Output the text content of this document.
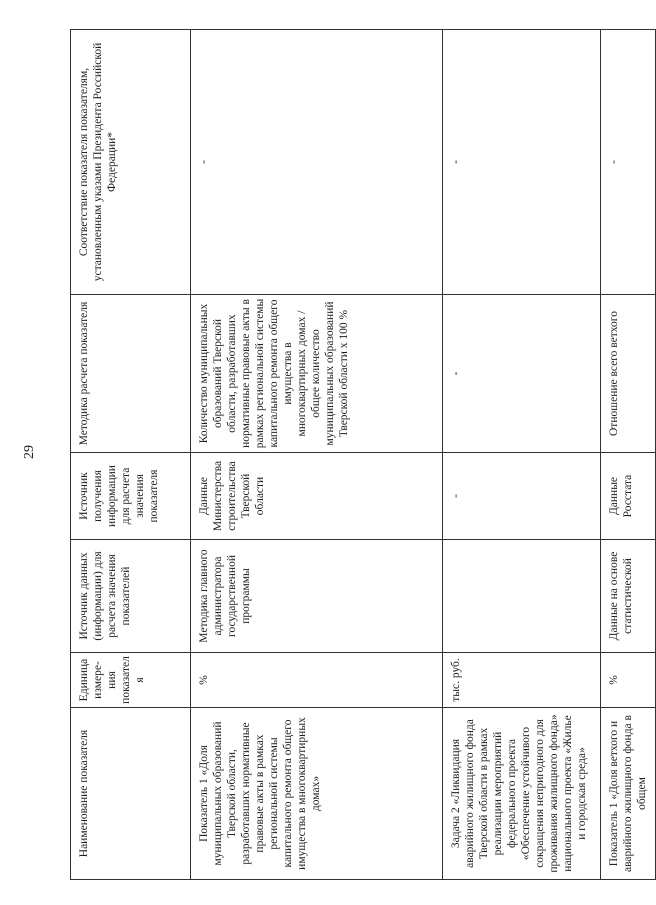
29
Наименование показателя	Единица измере-ния показателя	Источник данных (информации) для расчета значения показателей	Источник получения информации для расчета значения показателя	Методика расчета показателя	Соответствие показателя показателям, установленным указами Президента Российской Федерации*
Показатель 1 «Доля муниципальных образований Тверской области, разработавших нормативные правовые акты в рамках региональной системы капитального ремонта общего имущества в многоквартирных домах»	%	Методика главного администратора государственной программы	Данные Министерства строительства Тверской области	Количество муниципальных образований Тверской области, разработавших нормативные правовые акты в рамках региональной системы капитального ремонта общего имущества в многоквартирных домах / общее количество муниципальных образований Тверской области х 100 %	-
Задача 2 «Ликвидация аварийного жилищного фонда Тверской области в рамках реализации мероприятий федерального проекта «Обеспечение устойчивого сокращения непригодного для проживания жилищного фонда» национального проекта «Жилье и городская среда»	тыс. руб.		-	-	-
Показатель 1 «Доля ветхого и аварийного жилищного фонда в общем	%	Данные на основе статистической	Данные Росстата	Отношение всего ветхого	-
